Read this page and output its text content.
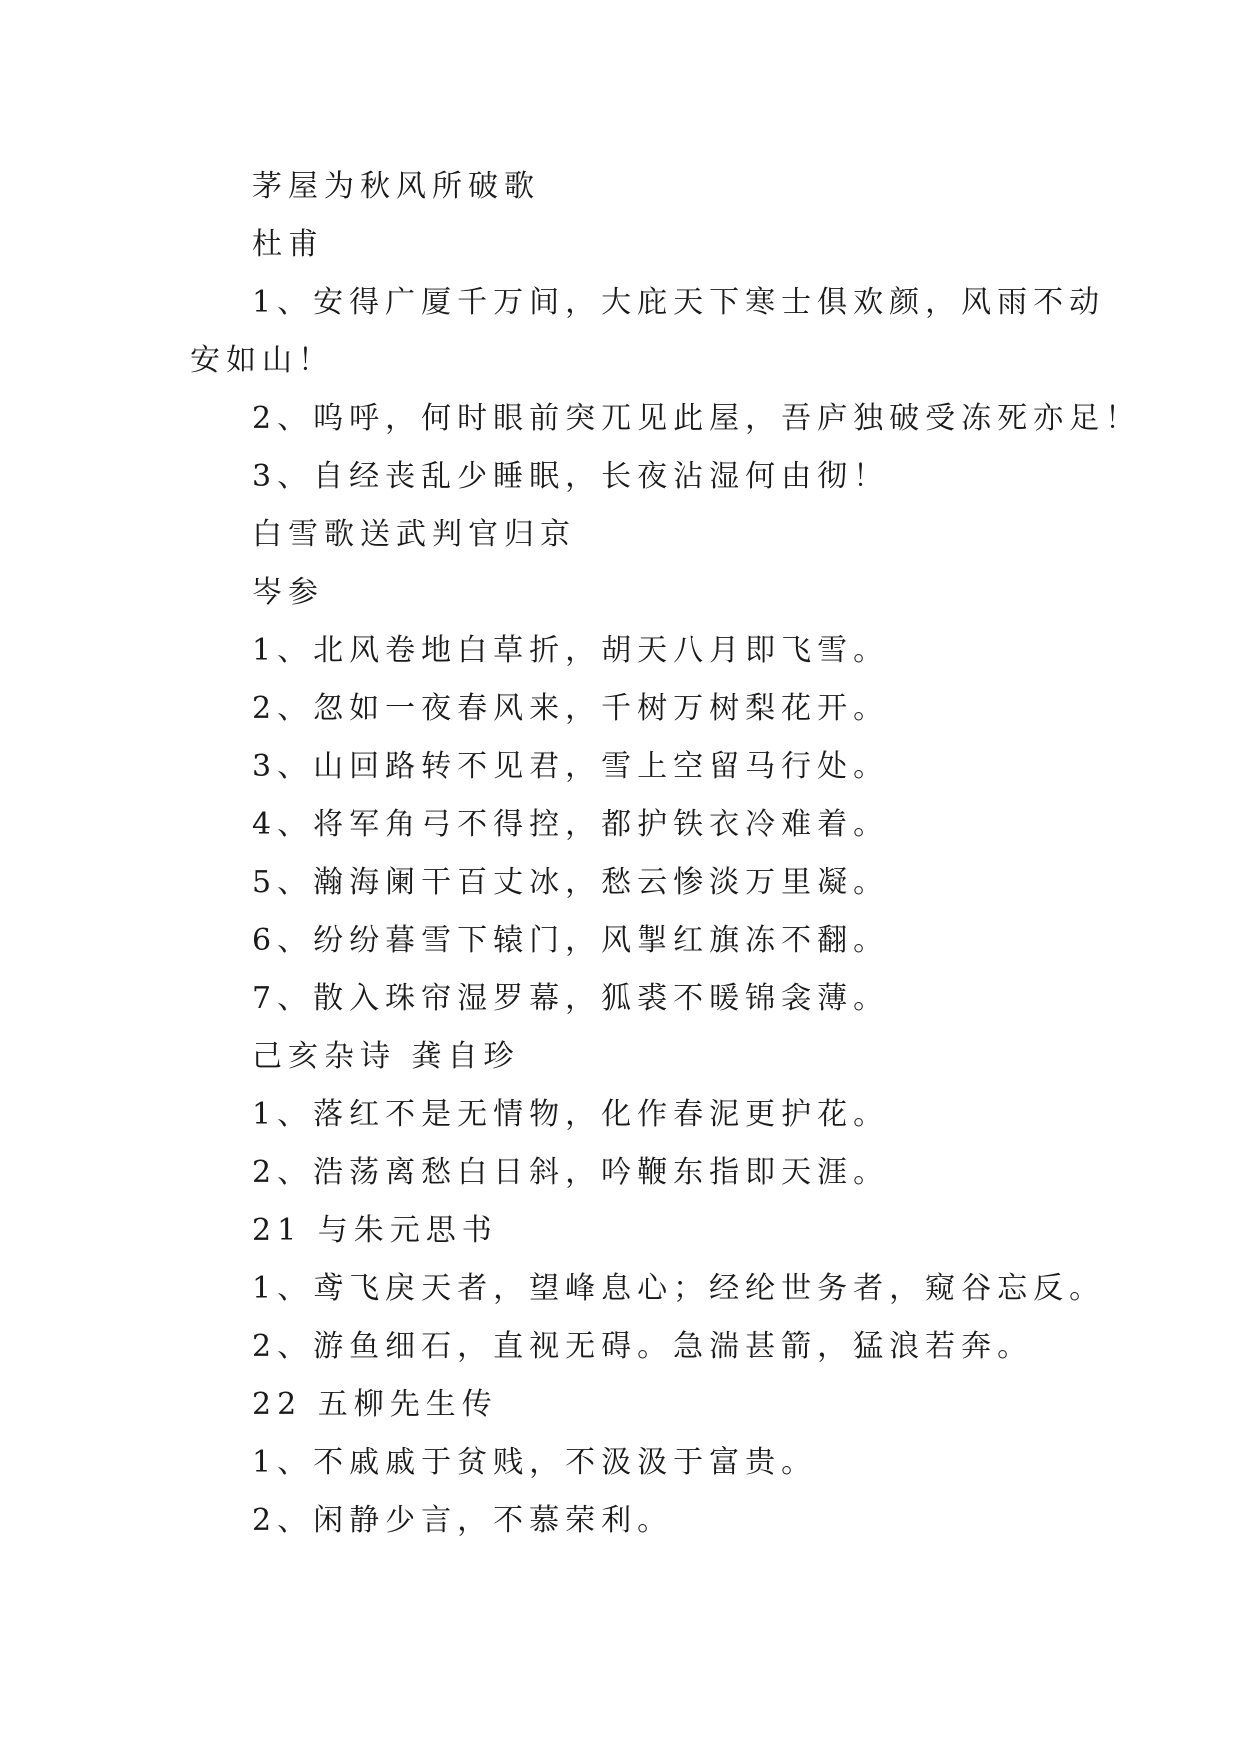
茅屋为秋风所破歌
杜甫
1、安得广厦千万间，大庇天下寒士俱欢颜，风雨不动
安如山！
2、呜呼，何时眼前突兀见此屋，吾庐独破受冻死亦足！
3、自经丧乱少睡眠，长夜沾湿何由彻！
白雪歌送武判官归京
岑参
1、北风卷地白草折，胡天八月即飞雪。
2、忽如一夜春风来，千树万树梨花开。
3、山回路转不见君，雪上空留马行处。
4、将军角弓不得控，都护铁衣冷难着。
5、瀚海阑干百丈冰，愁云惨淡万里凝。
6、纷纷暮雪下辕门，风掣红旗冻不翻。
7、散入珠帘湿罗幕，狐裘不暖锦衾薄。
己亥杂诗 龚自珍
1、落红不是无情物，化作春泥更护花。
2、浩荡离愁白日斜，吟鞭东指即天涯。
21 与朱元思书
1、鸢飞戾天者，望峰息心；经纶世务者，窥谷忘反。
2、游鱼细石，直视无碍。急湍甚箭，猛浪若奔。
22 五柳先生传
1、不戚戚于贫贱，不汲汲于富贵。
2、闲静少言，不慕荣利。
